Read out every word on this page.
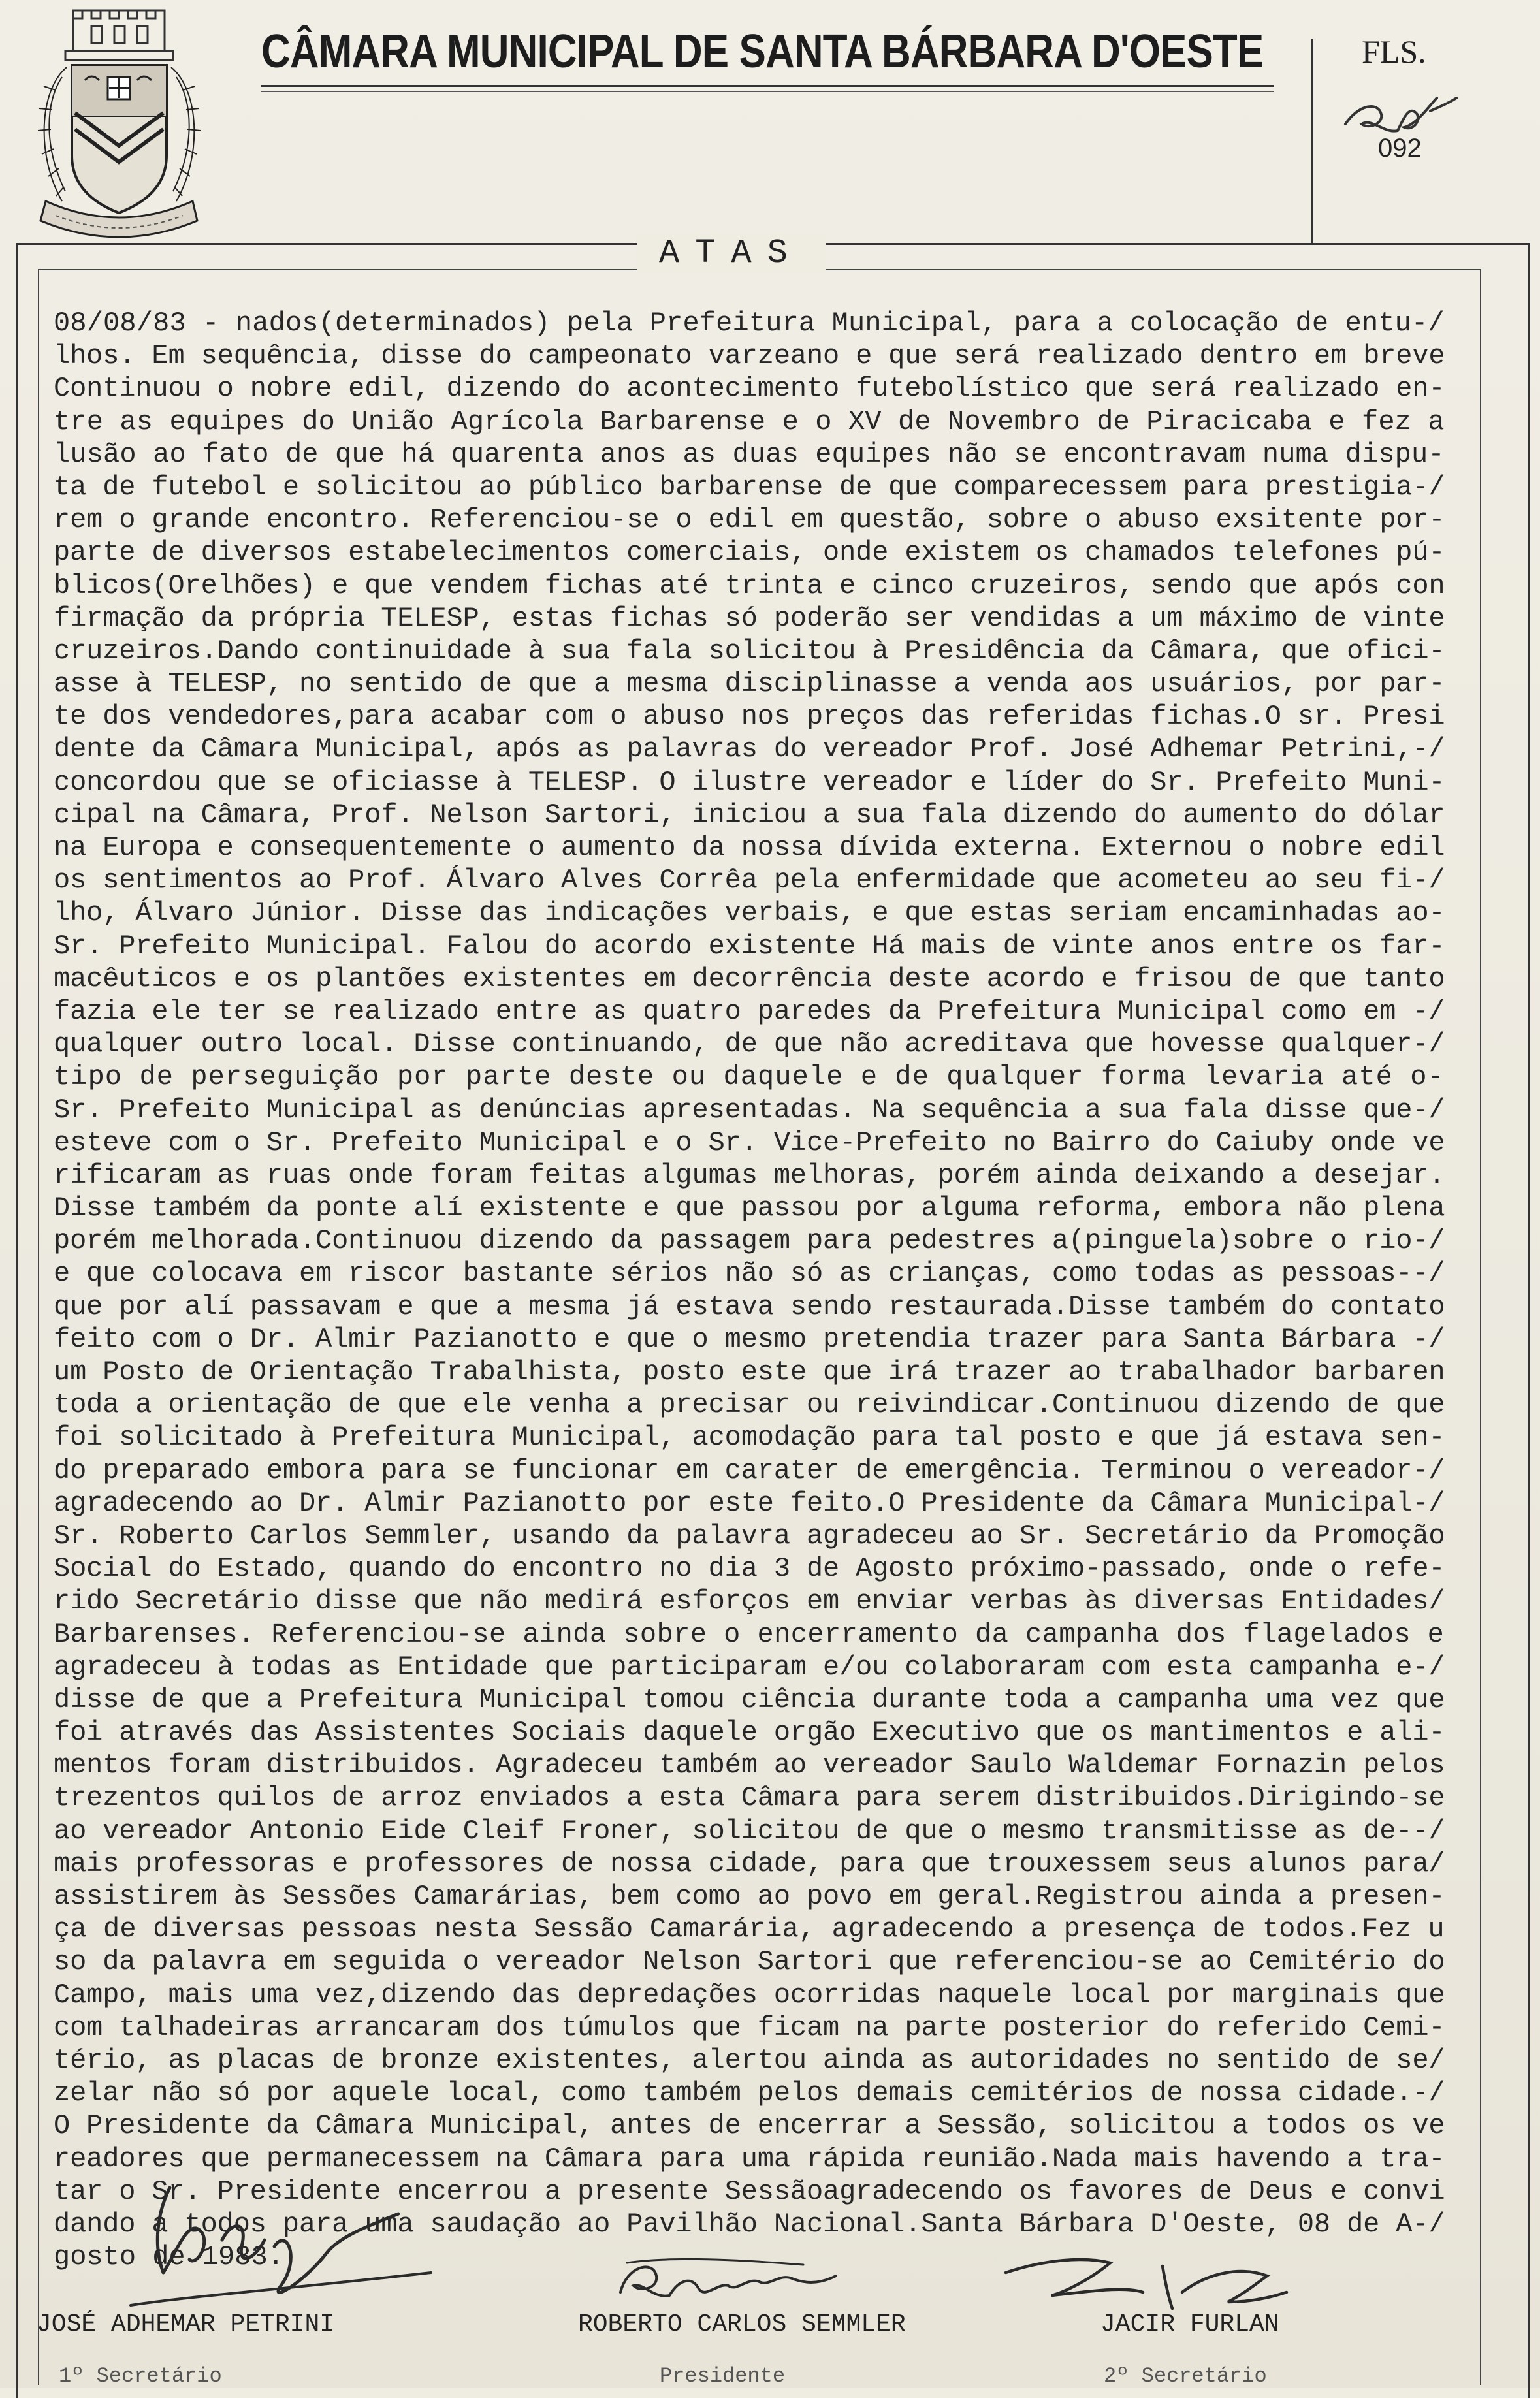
CÂMARA MUNICIPAL DE SANTA BÁRBARA D'OESTE	FLS.
092
ATAS
08/08/83 - nados(determinados) pela Prefeitura Municipal, para a colocação de entu-/
lhos. Em sequência, disse do campeonato varzeano e que será realizado dentro em breve
Continuou o nobre edil, dizendo do acontecimento futebolístico que será realizado en-
tre as equipes do União Agrícola Barbarense e o XV de Novembro de Piracicaba e fez a
lusão ao fato de que há quarenta anos as duas equipes não se encontravam numa dispu-
ta de futebol e solicitou ao público barbarense de que comparecessem para prestigia-/
rem o grande encontro. Referenciou-se o edil em questão, sobre o abuso exsitente por-
parte de diversos estabelecimentos comerciais, onde existem os chamados telefones pú-
blicos(Orelhões) e que vendem fichas até trinta e cinco cruzeiros, sendo que após con
firmação da própria TELESP, estas fichas só poderão ser vendidas a um máximo de vinte
cruzeiros.Dando continuidade à sua fala solicitou à Presidência da Câmara, que ofici-
asse à TELESP, no sentido de que a mesma disciplinasse a venda aos usuários, por par-
te dos vendedores,para acabar com o abuso nos preços das referidas fichas.O sr. Presi
dente da Câmara Municipal, após as palavras do vereador Prof. José Adhemar Petrini,-/
concordou que se oficiasse à TELESP. O ilustre vereador e líder do Sr. Prefeito Muni-
cipal na Câmara, Prof. Nelson Sartori, iniciou a sua fala dizendo do aumento do dólar
na Europa e consequentemente o aumento da nossa dívida externa. Externou o nobre edil
os sentimentos ao Prof. Álvaro Alves Corrêa pela enfermidade que acometeu ao seu fi-/
lho, Álvaro Júnior. Disse das indicações verbais, e que estas seriam encaminhadas ao-
Sr. Prefeito Municipal. Falou do acordo existente Há mais de vinte anos entre os far-
macêuticos e os plantões existentes em decorrência deste acordo e frisou de que tanto
fazia ele ter se realizado entre as quatro paredes da Prefeitura Municipal como em -/
qualquer outro local. Disse continuando, de que não acreditava que hovesse qualquer-/
tipo de perseguição por parte deste ou daquele e de qualquer forma levaria até o-
Sr. Prefeito Municipal as denúncias apresentadas. Na sequência a sua fala disse que-/
esteve com o Sr. Prefeito Municipal e o Sr. Vice-Prefeito no Bairro do Caiuby onde ve
rificaram as ruas onde foram feitas algumas melhoras, porém ainda deixando a desejar.
Disse também da ponte alí existente e que passou por alguma reforma, embora não plena
porém melhorada.Continuou dizendo da passagem para pedestres a(pinguela)sobre o rio-/
e que colocava em riscor bastante sérios não só as crianças, como todas as pessoas--/
que por alí passavam e que a mesma já estava sendo restaurada.Disse também do contato
feito com o Dr. Almir Pazianotto e que o mesmo pretendia trazer para Santa Bárbara -/
um Posto de Orientação Trabalhista, posto este que irá trazer ao trabalhador barbaren
toda a orientação de que ele venha a precisar ou reivindicar.Continuou dizendo de que
foi solicitado à Prefeitura Municipal, acomodação para tal posto e que já estava sen-
do preparado embora para se funcionar em carater de emergência. Terminou o vereador-/
agradecendo ao Dr. Almir Pazianotto por este feito.O Presidente da Câmara Municipal-/
Sr. Roberto Carlos Semmler, usando da palavra agradeceu ao Sr. Secretário da Promoção
Social do Estado, quando do encontro no dia 3 de Agosto próximo-passado, onde o refe-
rido Secretário disse que não medirá esforços em enviar verbas às diversas Entidades/
Barbarenses. Referenciou-se ainda sobre o encerramento da campanha dos flagelados e
agradeceu à todas as Entidade que participaram e/ou colaboraram com esta campanha e-/
disse de que a Prefeitura Municipal tomou ciência durante toda a campanha uma vez que
foi através das Assistentes Sociais daquele orgão Executivo que os mantimentos e ali-
mentos foram distribuidos. Agradeceu também ao vereador Saulo Waldemar Fornazin pelos
trezentos quilos de arroz enviados a esta Câmara para serem distribuidos.Dirigindo-se
ao vereador Antonio Eide Cleif Froner, solicitou de que o mesmo transmitisse as de--/
mais professoras e professores de nossa cidade, para que trouxessem seus alunos para/
assistirem às Sessões Camarárias, bem como ao povo em geral.Registrou ainda a presen-
ça de diversas pessoas nesta Sessão Camarária, agradecendo a presença de todos.Fez u
so da palavra em seguida o vereador Nelson Sartori que referenciou-se ao Cemitério do
Campo, mais uma vez,dizendo das depredações ocorridas naquele local por marginais que
com talhadeiras arrancaram dos túmulos que ficam na parte posterior do referido Cemi-
tério, as placas de bronze existentes, alertou ainda as autoridades no sentido de se/
zelar não só por aquele local, como também pelos demais cemitérios de nossa cidade.-/
O Presidente da Câmara Municipal, antes de encerrar a Sessão, solicitou a todos os ve
readores que permanecessem na Câmara para uma rápida reunião.Nada mais havendo a tra-
tar o Sr. Presidente encerrou a presente Sessãoagradecendo os favores de Deus e convi
dando a todos para uma saudação ao Pavilhão Nacional.Santa Bárbara D'Oeste, 08 de A-/
gosto de 1983.
JOSÉ ADHEMAR PETRINI	ROBERTO CARLOS SEMMLER	JACIR FURLAN
1º Secretário	Presidente	2º Secretário
